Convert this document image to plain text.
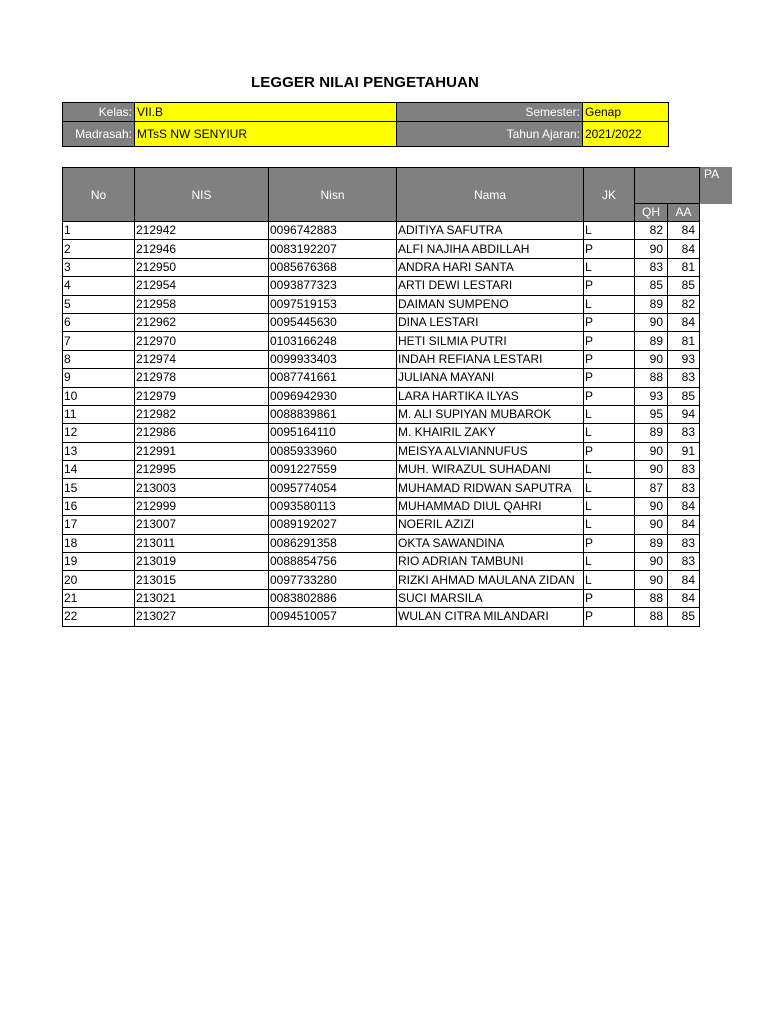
LEGGER NILAI PENGETAHUAN
Kelas:	VII.B	Semester:	Genap
Madrasah:	MTsS NW SENYIUR	Tahun Ajaran:	2021/2022
PA
No	NIS	Nisn	Nama	JK		
					QH	AA
1	212942	0096742883	ADITIYA SAFUTRA	L	82	84
2	212946	0083192207	ALFI NAJIHA ABDILLAH	P	90	84
3	212950	0085676368	ANDRA HARI SANTA	L	83	81
4	212954	0093877323	ARTI DEWI LESTARI	P	85	85
5	212958	0097519153	DAIMAN SUMPENO	L	89	82
6	212962	0095445630	DINA LESTARI	P	90	84
7	212970	0103166248	HETI SILMIA PUTRI	P	89	81
8	212974	0099933403	INDAH REFIANA LESTARI	P	90	93
9	212978	0087741661	JULIANA MAYANI	P	88	83
10	212979	0096942930	LARA HARTIKA ILYAS	P	93	85
11	212982	0088839861	M. ALI SUPIYAN MUBAROK	L	95	94
12	212986	0095164110	M. KHAIRIL ZAKY	L	89	83
13	212991	0085933960	MEISYA ALVIANNUFUS	P	90	91
14	212995	0091227559	MUH. WIRAZUL SUHADANI	L	90	83
15	213003	0095774054	MUHAMAD RIDWAN SAPUTRA	L	87	83
16	212999	0093580113	MUHAMMAD DIUL QAHRI	L	90	84
17	213007	0089192027	NOERIL AZIZI	L	90	84
18	213011	0086291358	OKTA SAWANDINA	P	89	83
19	213019	0088854756	RIO ADRIAN TAMBUNI	L	90	83
20	213015	0097733280	RIZKI AHMAD MAULANA ZIDAN	L	90	84
21	213021	0083802886	SUCI MARSILA	P	88	84
22	213027	0094510057	WULAN CITRA MILANDARI	P	88	85
